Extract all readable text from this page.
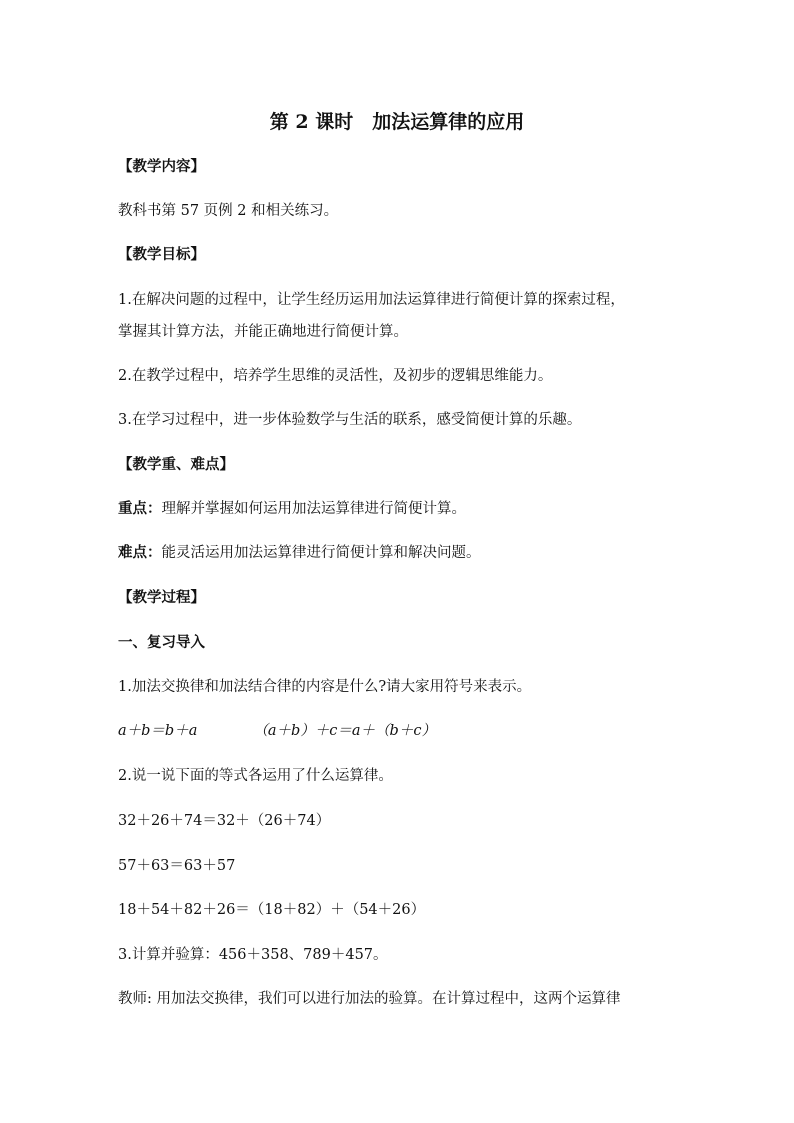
第 2 课时　加法运算律的应用
【教学内容】
教科书第 57 页例 2 和相关练习。
【教学目标】
1.在解决问题的过程中，让学生经历运用加法运算律进行简便计算的探索过程，
掌握其计算方法，并能正确地进行简便计算。
2.在教学过程中，培养学生思维的灵活性，及初步的逻辑思维能力。
3.在学习过程中，进一步体验数学与生活的联系，感受简便计算的乐趣。
【教学重、难点】
重点：理解并掌握如何运用加法运算律进行简便计算。
难点：能灵活运用加法运算律进行简便计算和解决问题。
【教学过程】
一、复习导入
1.加法交换律和加法结合律的内容是什么?请大家用符号来表示。
a＋b＝b＋a	（a＋b）＋c＝a＋（b＋c）
2.说一说下面的等式各运用了什么运算律。
32＋26＋74＝32＋（26＋74）
57＋63＝63＋57
18＋54＋82＋26＝（18＋82）＋（54＋26）
3.计算并验算：456＋358、789＋457。
教师: 用加法交换律，我们可以进行加法的验算。在计算过程中，这两个运算律
